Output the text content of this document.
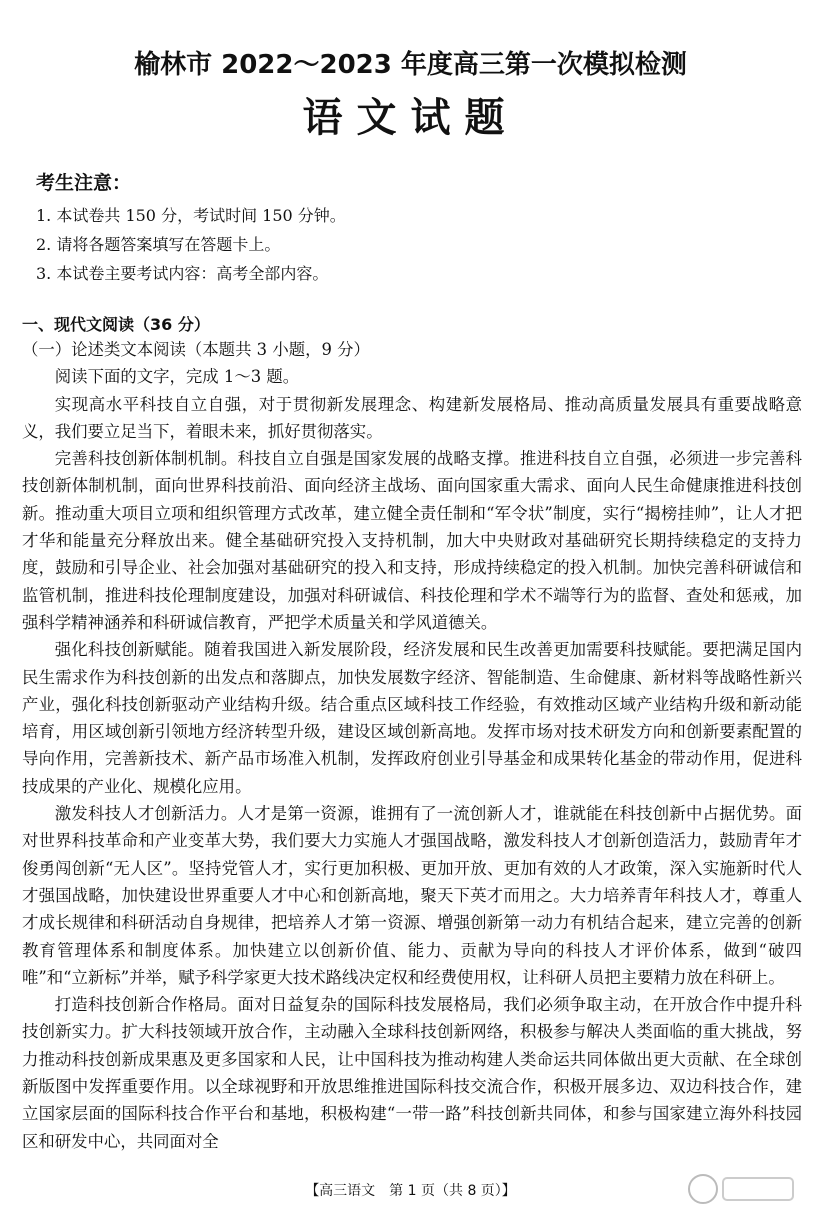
榆林市 2022～2023 年度高三第一次模拟检测
语文试题
考生注意：
1. 本试卷共 150 分，考试时间 150 分钟。
2. 请将各题答案填写在答题卡上。
3. 本试卷主要考试内容：高考全部内容。
一、现代文阅读（36 分）

（一）论述类文本阅读（本题共 3 小题，9 分）

阅读下面的文字，完成 1～3 题。

实现高水平科技自立自强，对于贯彻新发展理念、构建新发展格局、推动高质量发展具有重要战略意义，我们要立足当下，着眼未来，抓好贯彻落实。

完善科技创新体制机制。科技自立自强是国家发展的战略支撑。推进科技自立自强，必须进一步完善科技创新体制机制，面向世界科技前沿、面向经济主战场、面向国家重大需求、面向人民生命健康推进科技创新。推动重大项目立项和组织管理方式改革，建立健全责任制和“军令状”制度，实行“揭榜挂帅”，让人才把才华和能量充分释放出来。健全基础研究投入支持机制，加大中央财政对基础研究长期持续稳定的支持力度，鼓励和引导企业、社会加强对基础研究的投入和支持，形成持续稳定的投入机制。加快完善科研诚信和监管机制，推进科技伦理制度建设，加强对科研诚信、科技伦理和学术不端等行为的监督、查处和惩戒，加强科学精神涵养和科研诚信教育，严把学术质量关和学风道德关。

强化科技创新赋能。随着我国进入新发展阶段，经济发展和民生改善更加需要科技赋能。要把满足国内民生需求作为科技创新的出发点和落脚点，加快发展数字经济、智能制造、生命健康、新材料等战略性新兴产业，强化科技创新驱动产业结构升级。结合重点区域科技工作经验，有效推动区域产业结构升级和新动能培育，用区域创新引领地方经济转型升级，建设区域创新高地。发挥市场对技术研发方向和创新要素配置的导向作用，完善新技术、新产品市场准入机制，发挥政府创业引导基金和成果转化基金的带动作用，促进科技成果的产业化、规模化应用。

激发科技人才创新活力。人才是第一资源，谁拥有了一流创新人才，谁就能在科技创新中占据优势。面对世界科技革命和产业变革大势，我们要大力实施人才强国战略，激发科技人才创新创造活力，鼓励青年才俊勇闯创新“无人区”。坚持党管人才，实行更加积极、更加开放、更加有效的人才政策，深入实施新时代人才强国战略，加快建设世界重要人才中心和创新高地，聚天下英才而用之。大力培养青年科技人才，尊重人才成长规律和科研活动自身规律，把培养人才第一资源、增强创新第一动力有机结合起来，建立完善的创新教育管理体系和制度体系。加快建立以创新价值、能力、贡献为导向的科技人才评价体系，做到“破四唯”和“立新标”并举，赋予科学家更大技术路线决定权和经费使用权，让科研人员把主要精力放在科研上。

打造科技创新合作格局。面对日益复杂的国际科技发展格局，我们必须争取主动，在开放合作中提升科技创新实力。扩大科技领域开放合作，主动融入全球科技创新网络，积极参与解决人类面临的重大挑战，努力推动科技创新成果惠及更多国家和人民，让中国科技为推动构建人类命运共同体做出更大贡献、在全球创新版图中发挥重要作用。以全球视野和开放思维推进国际科技交流合作，积极开展多边、双边科技合作，建立国家层面的国际科技合作平台和基地，积极构建“一带一路”科技创新共同体，和参与国家建立海外科技园区和研发中心，共同面对全

【高三语文　第 1 页（共 8 页）】
